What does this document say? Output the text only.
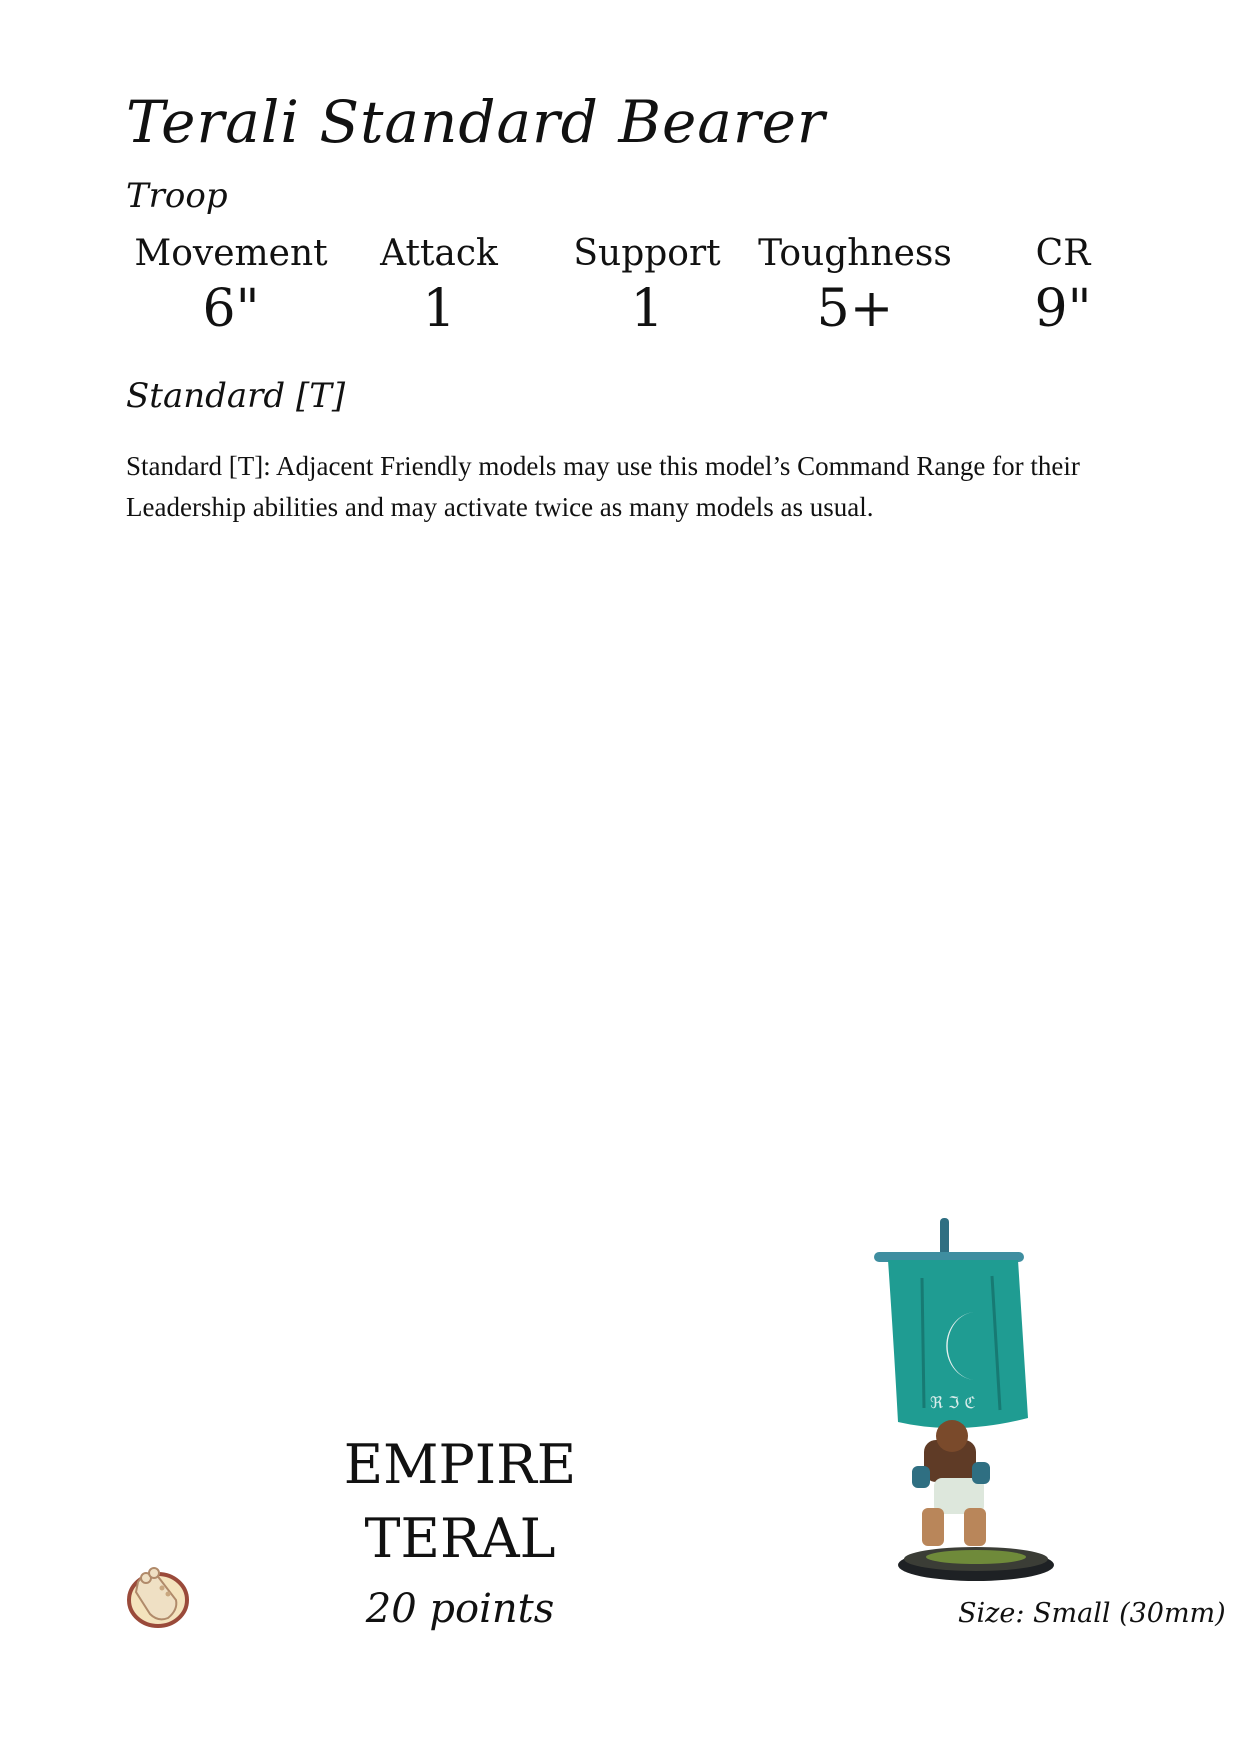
Terali Standard Bearer
Troop
Movement
6"
Attack
1
Support
1
Toughness
5+
CR
9"
Standard [T]
Standard [T]: Adjacent Friendly models may use this model’s Command Range for their Leadership abilities and may activate twice as many models as usual.
EMPIRE
TERAL
20 points
ℜ ℑ ℭ
Size: Small (30mm)
